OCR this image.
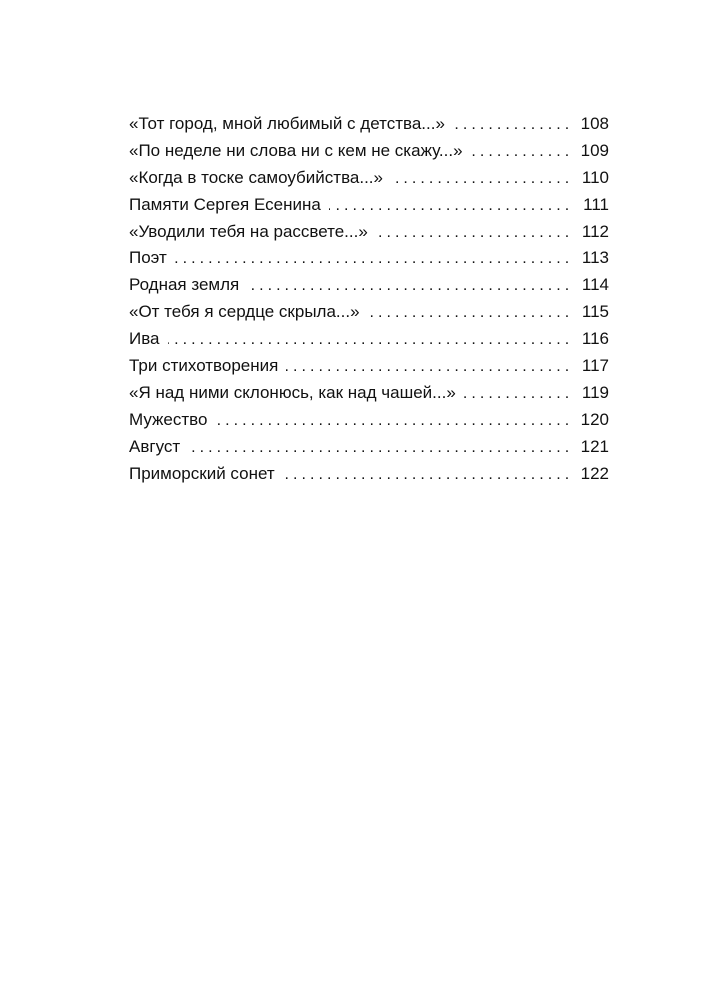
«Тот город, мной любимый с детства...» . . .	108
«По неделе ни слова ни с кем не скажу...» . . .	109
«Когда в тоске самоубийства...» . . .	110
Памяти Сергея Есенина . . .	111
«Уводили тебя на рассвете...» . . .	112
Поэт . . .	113
Родная земля . . .	114
«От тебя я сердце скрыла...» . . .	115
Ива . . .	116
Три стихотворения . . .	117
«Я над ними склонюсь, как над чашей...» . . .	119
Мужество . . .	120
Август . . .	121
Приморский сонет . . .	122
